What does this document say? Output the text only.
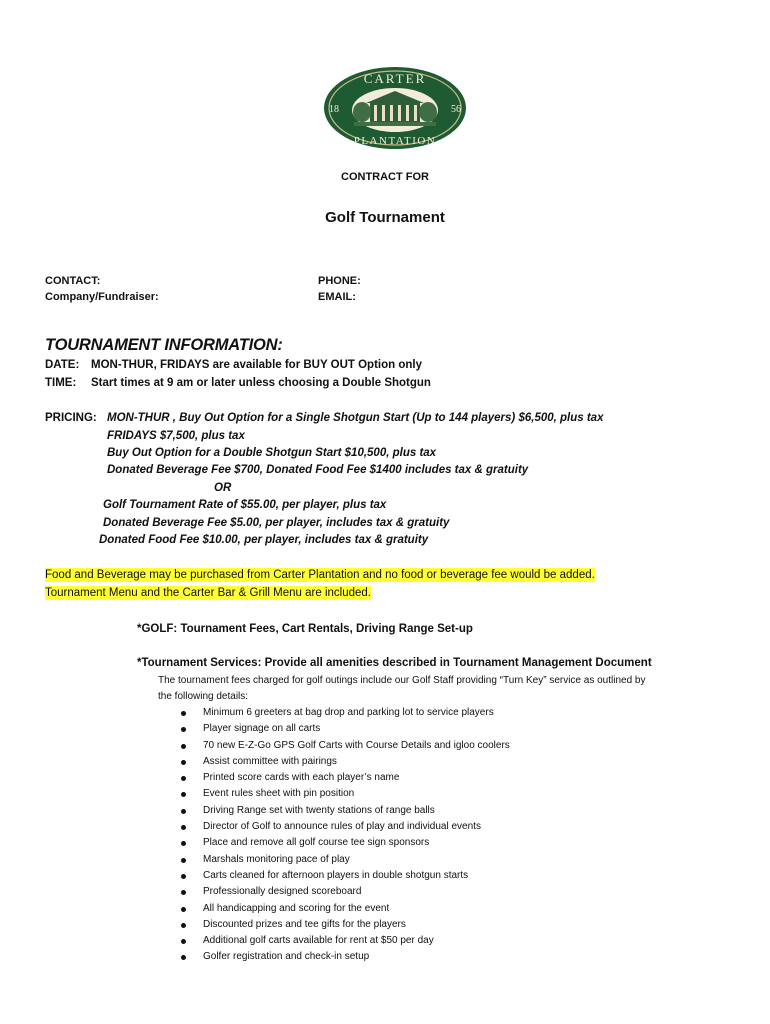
CARTER
PLANTATION
18	56
CONTRACT FOR
Golf Tournament
CONTACT:
Company/Fundraiser:
PHONE:
EMAIL:
TOURNAMENT INFORMATION:
DATE: MON-THUR, FRIDAYS are available for BUY OUT Option only
TIME: Start times at 9 am or later unless choosing a Double Shotgun
PRICING: MON-THUR , Buy Out Option for a Single Shotgun Start (Up to 144 players) $6,500, plus tax
FRIDAYS $7,500, plus tax
Buy Out Option for a Double Shotgun Start $10,500, plus tax
Donated Beverage Fee $700, Donated Food Fee $1400 includes tax & gratuity
OR
Golf Tournament Rate of $55.00, per player, plus tax
Donated Beverage Fee $5.00, per player, includes tax & gratuity
Donated Food Fee $10.00, per player, includes tax & gratuity
Food and Beverage may be purchased from Carter Plantation and no food or beverage fee would be added.
Tournament Menu and the Carter Bar & Grill Menu are included.
*GOLF: Tournament Fees, Cart Rentals, Driving Range Set-up
*Tournament Services: Provide all amenities described in Tournament Management Document
The tournament fees charged for golf outings include our Golf Staff providing “Turn Key” service as outlined by
the following details:
Minimum 6 greeters at bag drop and parking lot to service players
Player signage on all carts
70 new E-Z-Go GPS Golf Carts with Course Details and igloo coolers
Assist committee with pairings
Printed score cards with each player’s name
Event rules sheet with pin position
Driving Range set with twenty stations of range balls
Director of Golf to announce rules of play and individual events
Place and remove all golf course tee sign sponsors
Marshals monitoring pace of play
Carts cleaned for afternoon players in double shotgun starts
Professionally designed scoreboard
All handicapping and scoring for the event
Discounted prizes and tee gifts for the players
Additional golf carts available for rent at $50 per day
Golfer registration and check-in setup
